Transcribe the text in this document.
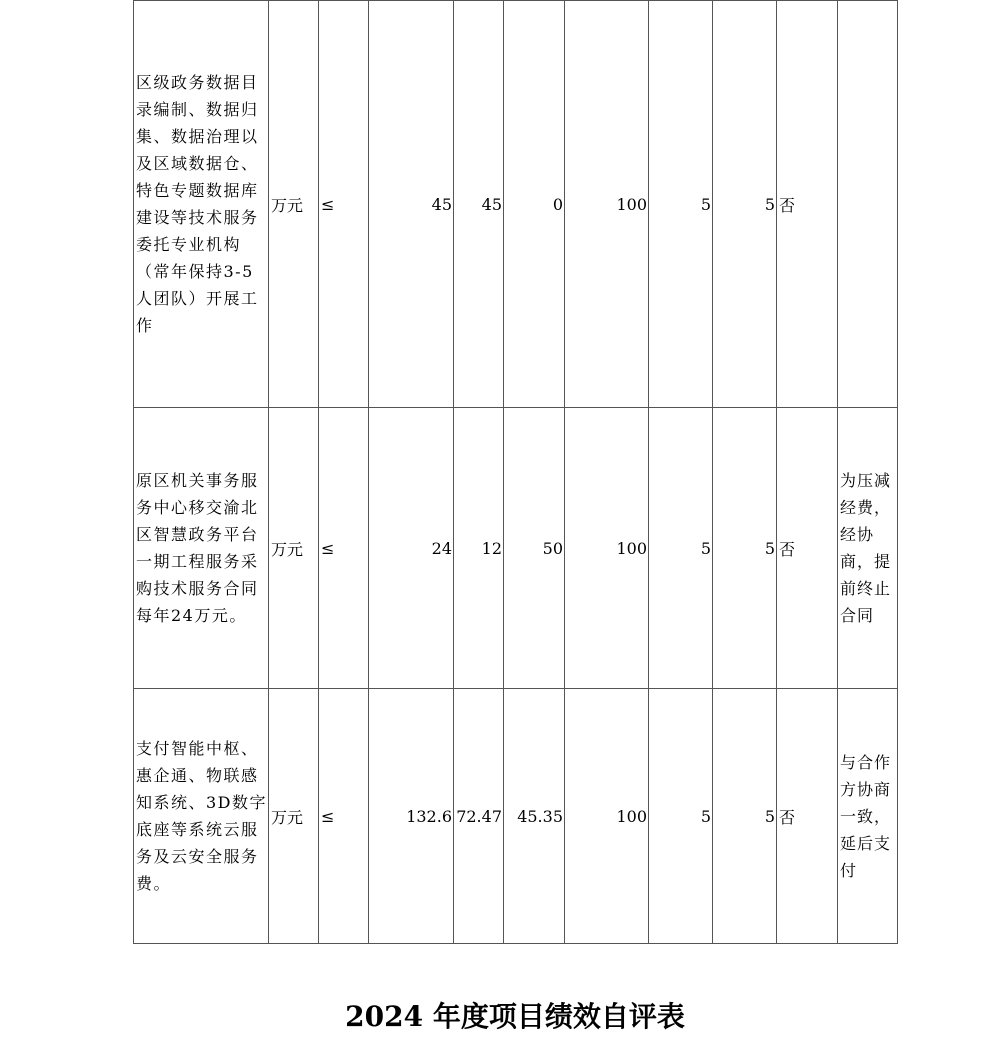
区级政务数据目录编制、数据归集、数据治理以及区域数据仓、特色专题数据库建设等技术服务委托专业机构（常年保持3-5人团队）开展工作	万元	≤	45	45	0	100	5	5	否	
原区机关事务服务中心移交渝北区智慧政务平台一期工程服务采购技术服务合同每年24万元。	万元	≤	24	12	50	100	5	5	否	为压减经费，经协商，提前终止合同
支付智能中枢、惠企通、物联感知系统、3D数字底座等系统云服务及云安全服务费。	万元	≤	132.6	72.47	45.35	100	5	5	否	与合作方协商一致，延后支付
2024 年度项目绩效自评表
